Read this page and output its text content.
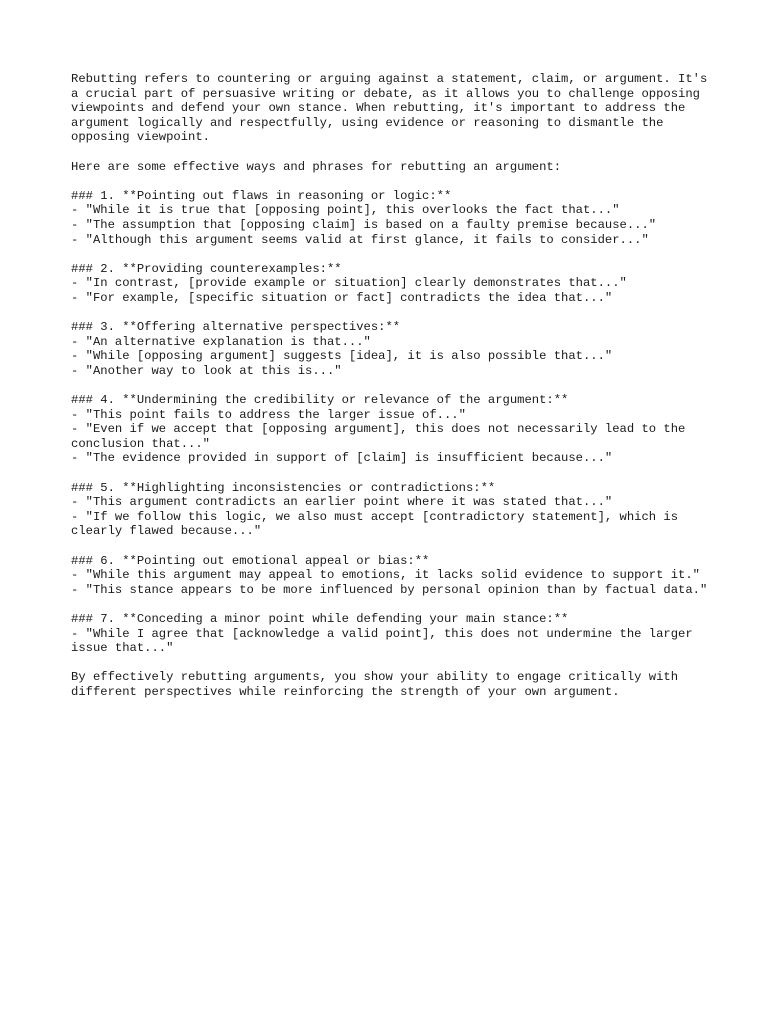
Rebutting refers to countering or arguing against a statement, claim, or argument. It's a crucial part of persuasive writing or debate, as it allows you to challenge opposing viewpoints and defend your own stance. When rebutting, it's important to address the argument logically and respectfully, using evidence or reasoning to dismantle the opposing viewpoint.

Here are some effective ways and phrases for rebutting an argument:

### 1. **Pointing out flaws in reasoning or logic:**
- "While it is true that [opposing point], this overlooks the fact that..."
- "The assumption that [opposing claim] is based on a faulty premise because..."
- "Although this argument seems valid at first glance, it fails to consider..."
### 2. **Providing counterexamples:**
- "In contrast, [provide example or situation] clearly demonstrates that..."
- "For example, [specific situation or fact] contradicts the idea that..."
### 3. **Offering alternative perspectives:**
- "An alternative explanation is that..."
- "While [opposing argument] suggests [idea], it is also possible that..."
- "Another way to look at this is..."
### 4. **Undermining the credibility or relevance of the argument:**
- "This point fails to address the larger issue of..."
- "Even if we accept that [opposing argument], this does not necessarily lead to the conclusion that..."
- "The evidence provided in support of [claim] is insufficient because..."
### 5. **Highlighting inconsistencies or contradictions:**
- "This argument contradicts an earlier point where it was stated that..."
- "If we follow this logic, we also must accept [contradictory statement], which is clearly flawed because..."
### 6. **Pointing out emotional appeal or bias:**
- "While this argument may appeal to emotions, it lacks solid evidence to support it."
- "This stance appears to be more influenced by personal opinion than by factual data."
### 7. **Conceding a minor point while defending your main stance:**
- "While I agree that [acknowledge a valid point], this does not undermine the larger issue that..."

By effectively rebutting arguments, you show your ability to engage critically with different perspectives while reinforcing the strength of your own argument.
